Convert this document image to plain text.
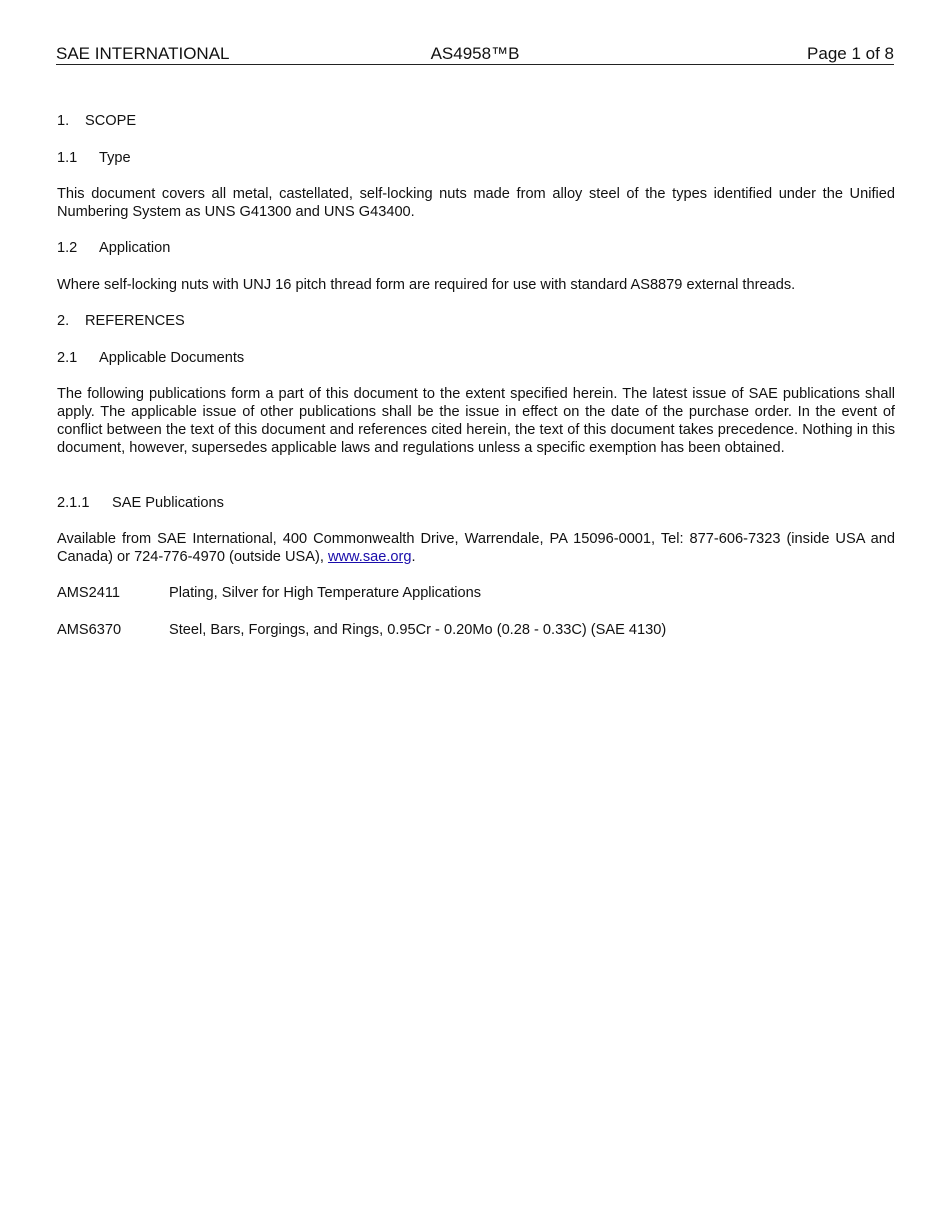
SAE INTERNATIONAL	AS4958™B	Page 1 of 8
1. SCOPE
1.1 Type
This document covers all metal, castellated, self-locking nuts made from alloy steel of the types identified under the Unified Numbering System as UNS G41300 and UNS G43400.
1.2 Application
Where self-locking nuts with UNJ 16 pitch thread form are required for use with standard AS8879 external threads.
2. REFERENCES
2.1 Applicable Documents
The following publications form a part of this document to the extent specified herein. The latest issue of SAE publications shall apply. The applicable issue of other publications shall be the issue in effect on the date of the purchase order. In the event of conflict between the text of this document and references cited herein, the text of this document takes precedence. Nothing in this document, however, supersedes applicable laws and regulations unless a specific exemption has been obtained.
2.1.1 SAE Publications
Available from SAE International, 400 Commonwealth Drive, Warrendale, PA 15096-0001, Tel: 877-606-7323 (inside USA and Canada) or 724-776-4970 (outside USA), www.sae.org.
AMS2411	Plating, Silver for High Temperature Applications
AMS6370	Steel, Bars, Forgings, and Rings, 0.95Cr - 0.20Mo (0.28 - 0.33C) (SAE 4130)
